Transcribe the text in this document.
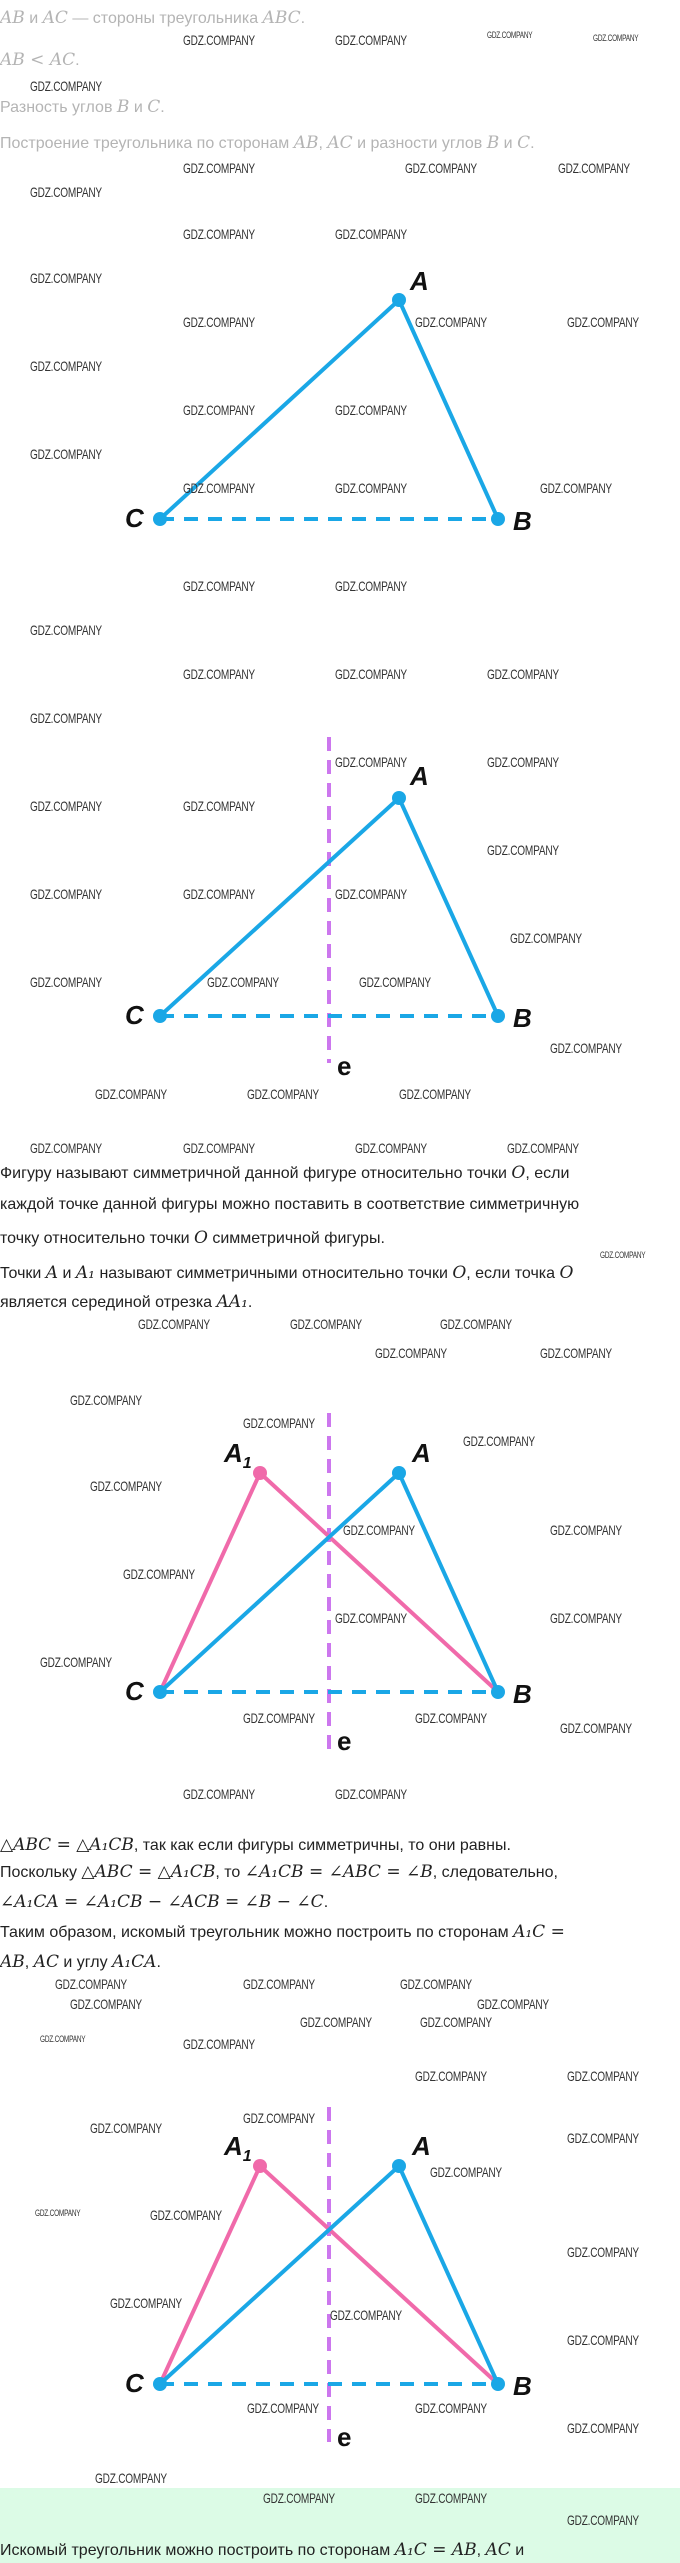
AB и AC — стороны треугольника ABC.
AB < AC.
Разность углов B и C.
Построение треугольника по сторонам AB, AC и разности углов B и C.
Фигуру называют симметричной данной фигуре относительно точки O, если
каждой точке данной фигуры можно поставить в соответствие симметричную
точку относительно точки O симметричной фигуры.
Точки A и A₁ называют симметричными относительно точки O, если точка O
является серединой отрезка AA₁.
△ABC = △A₁CB, так как если фигуры симметричны, то они равны.
Поскольку △ABC = △A₁CB, то ∠A₁CB = ∠ABC = ∠B, следовательно,
∠A₁CA = ∠A₁CB − ∠ACB = ∠B − ∠C.
Таким образом, искомый треугольник можно построить по сторонам A₁C =
AB, AC и углу A₁CA.
Искомый треугольник можно построить по сторонам A₁C = AB, AC и
A
C	B
A
C	B
e
$A_1$	A
C	B
e
$A_1$	A
C	B
e
GDZ.COMPANY	GDZ.COMPANY	GDZ.COMPANY	GDZ.COMPANY
GDZ.COMPANY
GDZ.COMPANY	GDZ.COMPANY	GDZ.COMPANY
GDZ.COMPANY
GDZ.COMPANY	GDZ.COMPANY
GDZ.COMPANY
GDZ.COMPANY	GDZ.COMPANY	GDZ.COMPANY
GDZ.COMPANY
GDZ.COMPANY	GDZ.COMPANY
GDZ.COMPANY
GDZ.COMPANY	GDZ.COMPANY	GDZ.COMPANY
GDZ.COMPANY	GDZ.COMPANY
GDZ.COMPANY
GDZ.COMPANY	GDZ.COMPANY	GDZ.COMPANY
GDZ.COMPANY
GDZ.COMPANY	GDZ.COMPANY
GDZ.COMPANY	GDZ.COMPANY
GDZ.COMPANY
GDZ.COMPANY	GDZ.COMPANY	GDZ.COMPANY
GDZ.COMPANY
GDZ.COMPANY	GDZ.COMPANY	GDZ.COMPANY
GDZ.COMPANY
GDZ.COMPANY	GDZ.COMPANY	GDZ.COMPANY
GDZ.COMPANY	GDZ.COMPANY	GDZ.COMPANY	GDZ.COMPANY
GDZ.COMPANY
GDZ.COMPANY
GDZ.COMPANY	GDZ.COMPANY
GDZ.COMPANY	GDZ.COMPANY
GDZ.COMPANY
GDZ.COMPANY
GDZ.COMPANY
GDZ.COMPANY
GDZ.COMPANY	GDZ.COMPANY
GDZ.COMPANY
GDZ.COMPANY
GDZ.COMPANY
GDZ.COMPANY
GDZ.COMPANY
GDZ.COMPANY	GDZ.COMPANY
GDZ.COMPANY	GDZ.COMPANY
GDZ.COMPANY	GDZ.COMPANY	GDZ.COMPANY
GDZ.COMPANY
GDZ.COMPANY
GDZ.COMPANY	GDZ.COMPANY
GDZ.COMPANY	GDZ.COMPANY
GDZ.COMPANY	GDZ.COMPANY
GDZ.COMPANY
GDZ.COMPANY
GDZ.COMPANY
GDZ.COMPANY
GDZ.COMPANY	GDZ.COMPANY
GDZ.COMPANY
GDZ.COMPANY
GDZ.COMPANY
GDZ.COMPANY
GDZ.COMPANY	GDZ.COMPANY
GDZ.COMPANY
GDZ.COMPANY
GDZ.COMPANY	GDZ.COMPANY
GDZ.COMPANY
